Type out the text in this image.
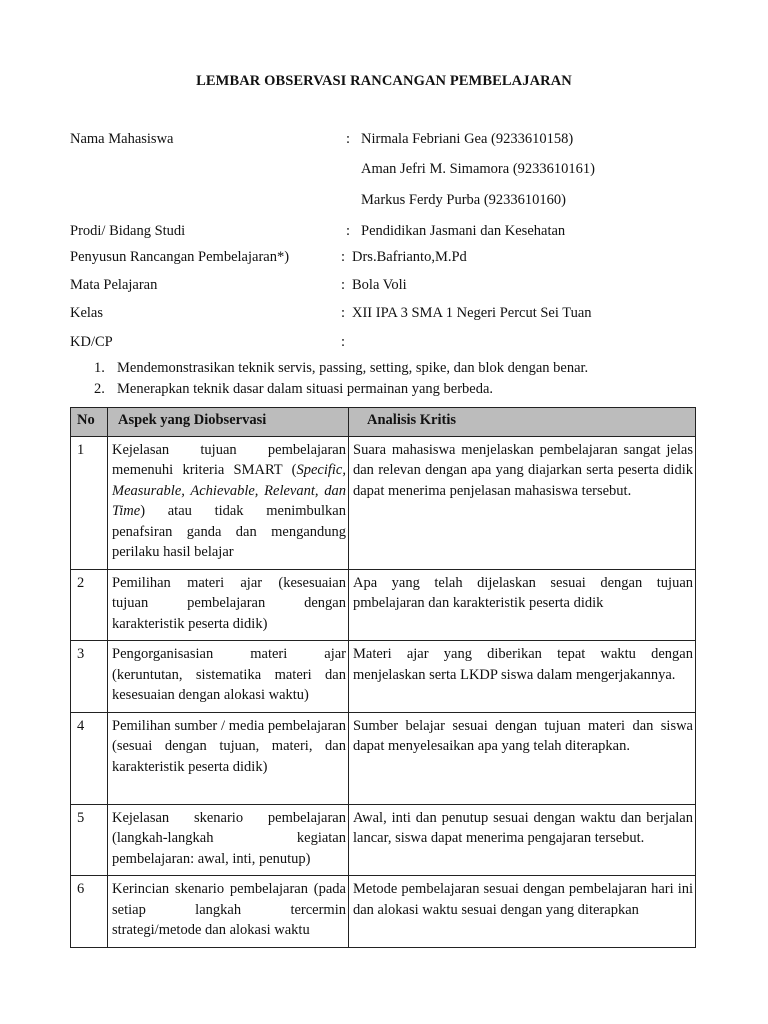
LEMBAR OBSERVASI RANCANGAN PEMBELAJARAN
Nama Mahasiswa	: Nirmala Febriani Gea (9233610158)
Aman Jefri M. Simamora (9233610161)
Markus Ferdy Purba (9233610160)
Prodi/ Bidang Studi	: Pendidikan Jasmani dan Kesehatan
Penyusun Rancangan Pembelajaran*)	: Drs.Bafrianto,M.Pd
Mata Pelajaran	: Bola Voli
Kelas	: XII IPA 3 SMA 1 Negeri Percut Sei Tuan
KD/CP	:
1. Mendemonstrasikan teknik servis, passing, setting, spike, dan blok dengan benar.
2. Menerapkan teknik dasar dalam situasi permainan yang berbeda.
No	Aspek yang Diobservasi	Analisis Kritis
1	Kejelasan tujuan pembelajaran memenuhi kriteria SMART (Specific, Measurable, Achievable, Relevant, dan Time) atau tidak menimbulkan penafsiran ganda dan mengandung perilaku hasil belajar	Suara mahasiswa menjelaskan pembelajaran sangat jelas dan relevan dengan apa yang diajarkan serta peserta didik dapat menerima penjelasan mahasiswa tersebut.
2	Pemilihan materi ajar (kesesuaian tujuan pembelajaran dengan karakteristik peserta didik)	Apa yang telah dijelaskan sesuai dengan tujuan pmbelajaran dan karakteristik peserta didik
3	Pengorganisasian materi ajar (keruntutan, sistematika materi dan kesesuaian dengan alokasi waktu)	Materi ajar yang diberikan tepat waktu dengan menjelaskan serta LKDP siswa dalam mengerjakannya.
4	Pemilihan sumber / media pembelajaran (sesuai dengan tujuan, materi, dan karakteristik peserta didik)	Sumber belajar sesuai dengan tujuan materi dan siswa dapat menyelesaikan apa yang telah diterapkan.
5	Kejelasan skenario pembelajaran (langkah-langkah kegiatan pembelajaran: awal, inti, penutup)	Awal, inti dan penutup sesuai dengan waktu dan berjalan lancar, siswa dapat menerima pengajaran tersebut.
6	Kerincian skenario pembelajaran (pada setiap langkah tercermin strategi/metode dan alokasi waktu	Metode pembelajaran sesuai dengan pembelajaran hari ini dan alokasi waktu sesuai dengan yang diterapkan
